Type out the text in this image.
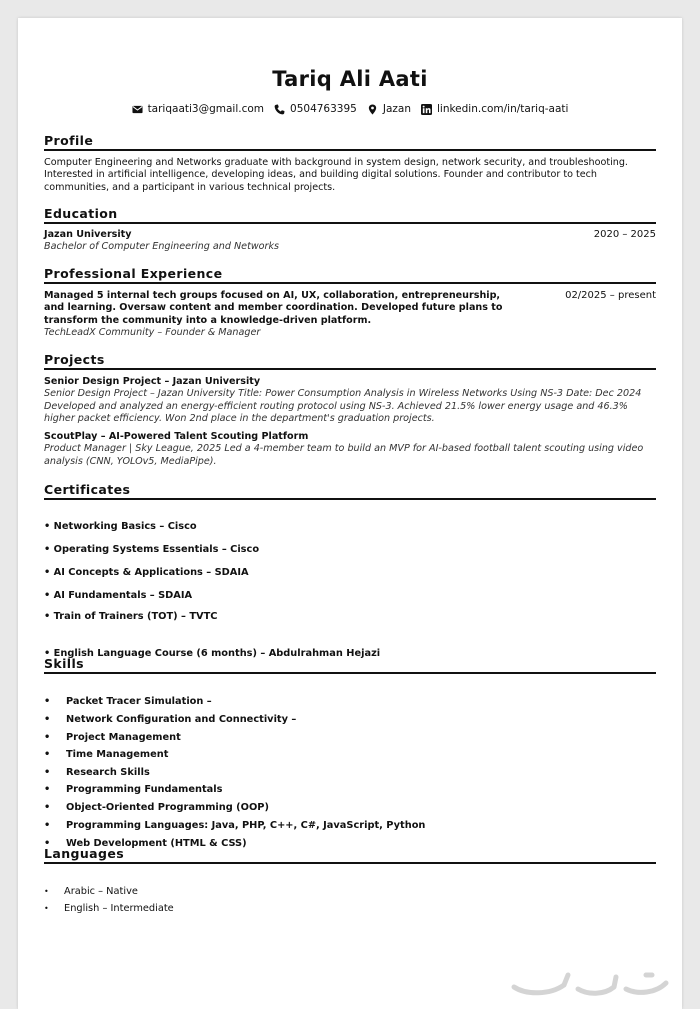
Tariq Ali Aati
tariqaati3@gmail.com 0504763395 Jazan linkedin.com/in/tariq-aati
Profile
Computer Engineering and Networks graduate with background in system design, network security, and troubleshooting. Interested in artificial intelligence, developing ideas, and building digital solutions. Founder and contributor to tech communities, and a participant in various technical projects.
Education
Jazan University	2020 – 2025
Bachelor of Computer Engineering and Networks
Professional Experience
Managed 5 internal tech groups focused on AI, UX, collaboration, entrepreneurship, and learning. Oversaw content and member coordination. Developed future plans to transform the community into a knowledge-driven platform.
02/2025 – present
TechLeadX Community – Founder & Manager
Projects
Senior Design Project – Jazan University
Senior Design Project – Jazan University Title: Power Consumption Analysis in Wireless Networks Using NS-3 Date: Dec 2024 Developed and analyzed an energy-efficient routing protocol using NS-3. Achieved 21.5% lower energy usage and 46.3% higher packet efficiency. Won 2nd place in the department's graduation projects.
ScoutPlay – AI-Powered Talent Scouting Platform
Product Manager | Sky League, 2025 Led a 4-member team to build an MVP for AI-based football talent scouting using video analysis (CNN, YOLOv5, MediaPipe).
Certificates
• Networking Basics – Cisco
• Operating Systems Essentials – Cisco
• AI Concepts & Applications – SDAIA
• AI Fundamentals – SDAIA
• Train of Trainers (TOT) – TVTC
• English Language Course (6 months) – Abdulrahman Hejazi
Skills
• Packet Tracer Simulation –
• Network Configuration and Connectivity –
• Project Management
• Time Management
• Research Skills
• Programming Fundamentals
• Object-Oriented Programming (OOP)
• Programming Languages: Java, PHP, C++, C#, JavaScript, Python
• Web Development (HTML & CSS)
Languages
• Arabic – Native
• English – Intermediate
